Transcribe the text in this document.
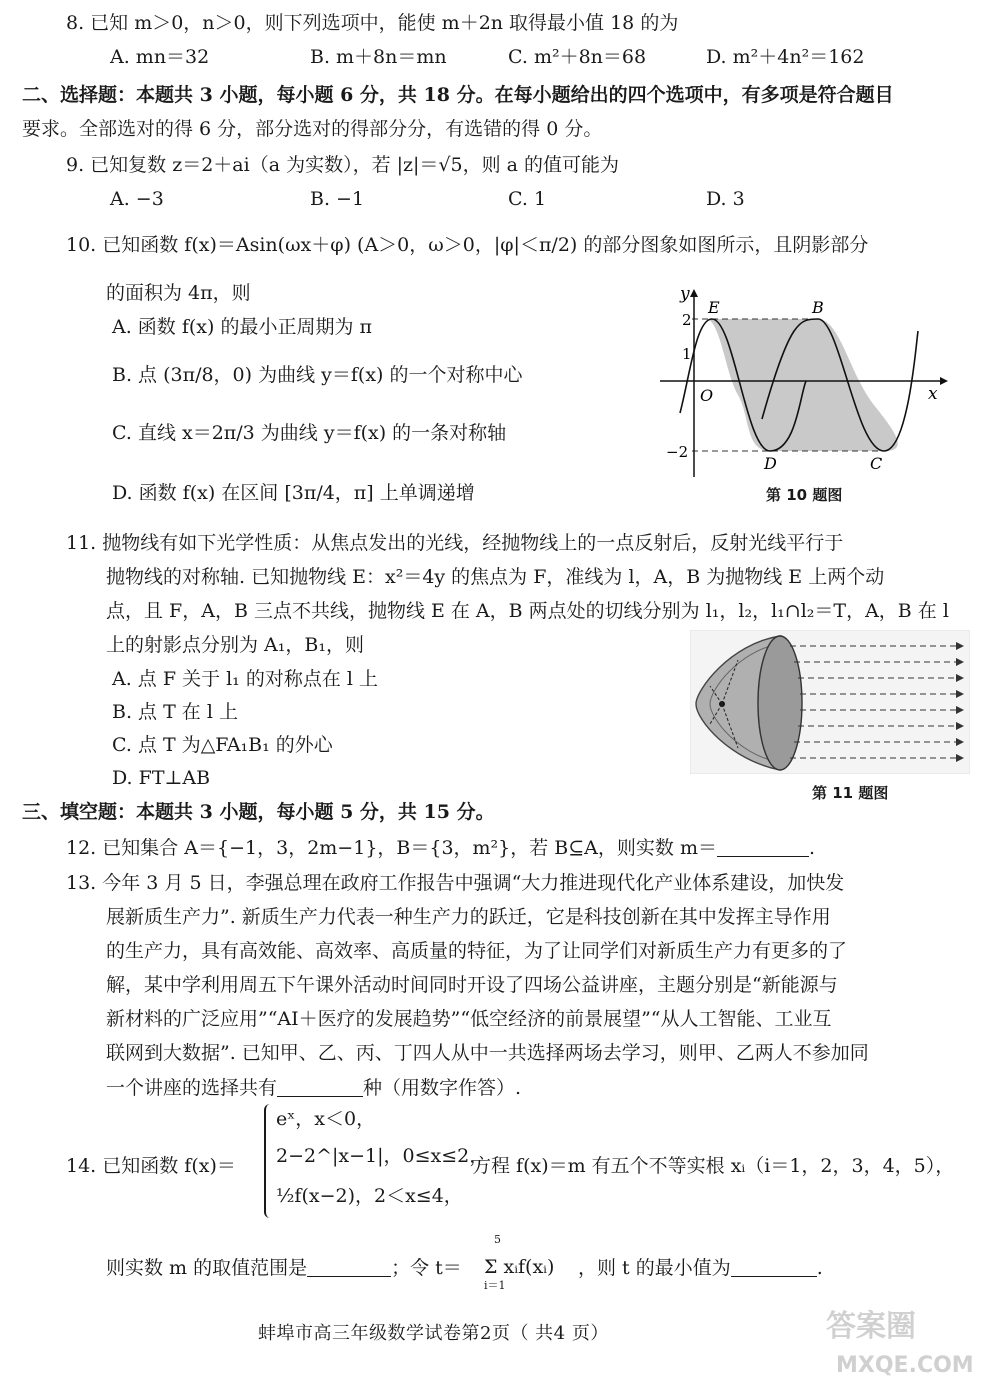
8. 已知 m＞0，n＞0，则下列选项中，能使 m＋2n 取得最小值 18 的为
A. mn＝32	B. m＋8n＝mn	C. m²＋8n＝68	D. m²＋4n²＝162
二、选择题：本题共 3 小题，每小题 6 分，共 18 分。在每小题给出的四个选项中，有多项是符合题目
要求。全部选对的得 6 分，部分选对的得部分分，有选错的得 0 分。
9. 已知复数 z＝2＋ai（a 为实数），若 |z|＝√5，则 a 的值可能为
A. −3	B. −1	C. 1	D. 3
10. 已知函数 f(x)＝Asin(ωx＋φ) (A＞0，ω＞0，|φ|＜π/2) 的部分图象如图所示，且阴影部分
的面积为 4π，则
A. 函数 f(x) 的最小正周期为 π
B. 点 (3π/8，0) 为曲线 y＝f(x) 的一个对称中心
C. 直线 x＝2π/3 为曲线 y＝f(x) 的一条对称轴
D. 函数 f(x) 在区间 [3π/4，π] 上单调递增
y
x
O
2
1
−2
E	B
D	C
第 10 题图
11. 抛物线有如下光学性质：从焦点发出的光线，经抛物线上的一点反射后，反射光线平行于
抛物线的对称轴. 已知抛物线 E：x²＝4y 的焦点为 F，准线为 l，A，B 为抛物线 E 上两个动
点，且 F，A，B 三点不共线，抛物线 E 在 A，B 两点处的切线分别为 l₁，l₂，l₁∩l₂＝T，A，B 在 l
上的射影点分别为 A₁，B₁，则
A. 点 F 关于 l₁ 的对称点在 l 上
B. 点 T 在 l 上
C. 点 T 为△FA₁B₁ 的外心
D. FT⊥AB
第 11 题图
三、填空题：本题共 3 小题，每小题 5 分，共 15 分。
12. 已知集合 A＝{−1，3，2m−1}，B＝{3，m²}，若 B⊆A，则实数 m＝	.
13. 今年 3 月 5 日，李强总理在政府工作报告中强调“大力推进现代化产业体系建设，加快发
展新质生产力”. 新质生产力代表一种生产力的跃迁，它是科技创新在其中发挥主导作用
的生产力，具有高效能、高效率、高质量的特征，为了让同学们对新质生产力有更多的了
解，某中学利用周五下午课外活动时间同时开设了四场公益讲座，主题分别是“新能源与
新材料的广泛应用”“AI＋医疗的发展趋势”“低空经济的前景展望”“从人工智能、工业互
联网到大数据”. 已知甲、乙、丙、丁四人从中一共选择两场去学习，则甲、乙两人不参加同
一个讲座的选择共有	种（用数字作答）.
14. 已知函数 f(x)＝
eˣ，x＜0，
2−2^|x−1|，0≤x≤2，
½f(x−2)，2＜x≤4，
方程 f(x)＝m 有五个不等实根 xᵢ（i＝1，2，3，4，5），
则实数 m 的取值范围是	；令 t＝
5
Σ xᵢf(xᵢ)
i＝1
，则 t 的最小值为	.
蚌埠市高三年级数学试卷第2页（ 共4 页）	答案圈
MXQE.COM
